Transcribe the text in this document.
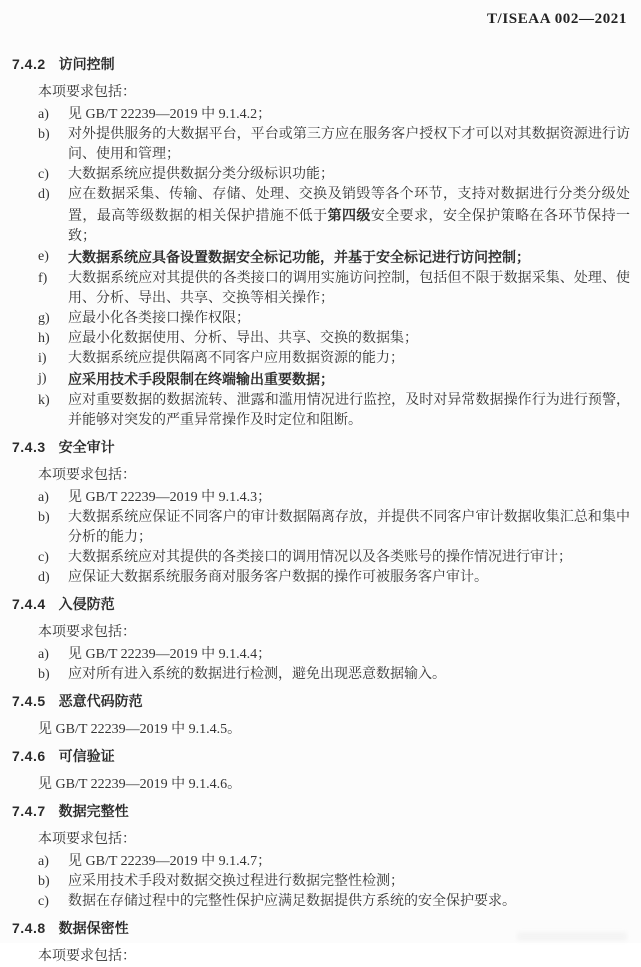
T/ISEAA 002—2021
7.4.2 访问控制

本项要求包括：

a)	见 GB/T 22239—2019 中 9.1.4.2；
b)	对外提供服务的大数据平台，平台或第三方应在服务客户授权下才可以对其数据资源进行访问、使用和管理；
c)	大数据系统应提供数据分类分级标识功能；
d)	应在数据采集、传输、存储、处理、交换及销毁等各个环节，支持对数据进行分类分级处置，最高等级数据的相关保护措施不低于第四级安全要求，安全保护策略在各环节保持一致；
e)	大数据系统应具备设置数据安全标记功能，并基于安全标记进行访问控制；
f)	大数据系统应对其提供的各类接口的调用实施访问控制，包括但不限于数据采集、处理、使用、分析、导出、共享、交换等相关操作；
g)	应最小化各类接口操作权限；
h)	应最小化数据使用、分析、导出、共享、交换的数据集；
i)	大数据系统应提供隔离不同客户应用数据资源的能力；
j)	应采用技术手段限制在终端输出重要数据；
k)	应对重要数据的数据流转、泄露和滥用情况进行监控，及时对异常数据操作行为进行预警，并能够对突发的严重异常操作及时定位和阻断。
7.4.3 安全审计

本项要求包括：

a)	见 GB/T 22239—2019 中 9.1.4.3；
b)	大数据系统应保证不同客户的审计数据隔离存放，并提供不同客户审计数据收集汇总和集中分析的能力；
c)	大数据系统应对其提供的各类接口的调用情况以及各类账号的操作情况进行审计；
d)	应保证大数据系统服务商对服务客户数据的操作可被服务客户审计。
7.4.4 入侵防范

本项要求包括：

a)	见 GB/T 22239—2019 中 9.1.4.4；
b)	应对所有进入系统的数据进行检测，避免出现恶意数据输入。
7.4.5 恶意代码防范

见 GB/T 22239—2019 中 9.1.4.5。

7.4.6 可信验证

见 GB/T 22239—2019 中 9.1.4.6。

7.4.7 数据完整性

本项要求包括：

a)	见 GB/T 22239—2019 中 9.1.4.7；
b)	应采用技术手段对数据交换过程进行数据完整性检测；
c)	数据在存储过程中的完整性保护应满足数据提供方系统的安全保护要求。
7.4.8 数据保密性

本项要求包括：
